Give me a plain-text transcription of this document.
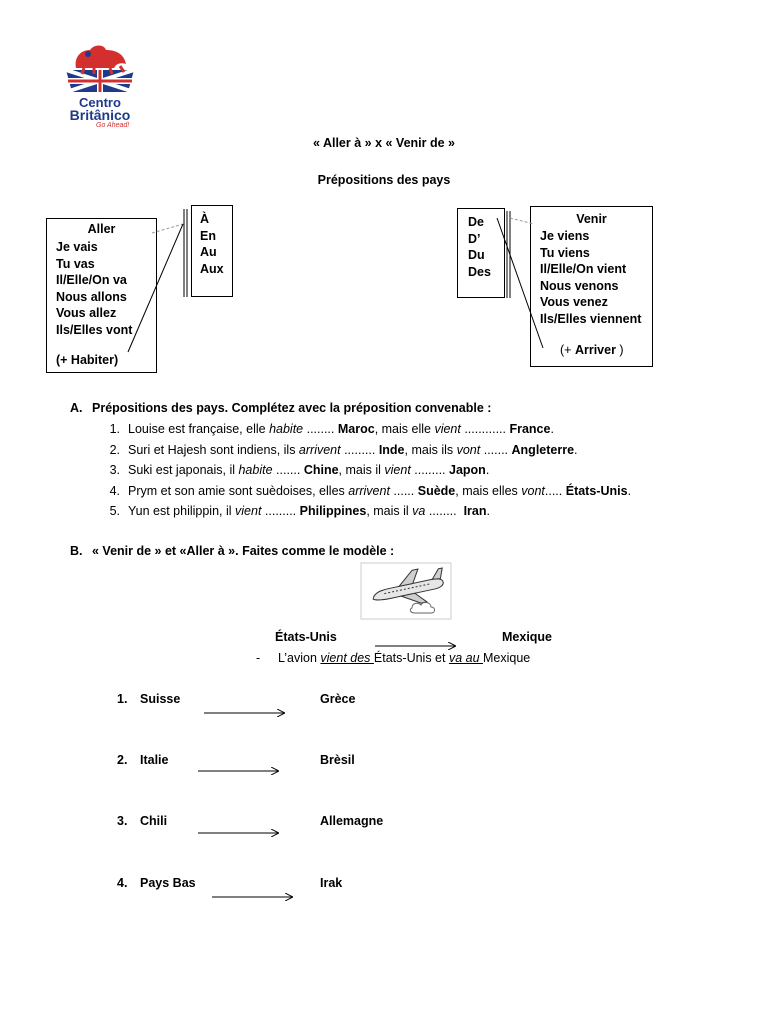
Centro
Britânico
Go Ahead!
« Aller à » x « Venir de »
Prépositions des pays
Aller
Je vais
Tu vas
Il/Elle/On va
Nous allons
Vous allez
Ils/Elles vont
(+ Habiter)
À
En
Au
Aux
De
D’
Du
Des
Venir
Je viens
Tu viens
Il/Elle/On vient
Nous venons
Vous venez
Ils/Elles viennent
(+ Arriver )
A. Prépositions des pays. Complétez avec la préposition convenable :
1. Louise est française, elle habite ........ Maroc, mais elle vient ............ France.
2. Suri et Hajesh sont indiens, ils arrivent ......... Inde, mais ils vont ....... Angleterre.
3. Suki est japonais, il habite ....... Chine, mais il vient ......... Japon.
4. Prym et son amie sont suèdoises, elles arrivent ...... Suède, mais elles vont..... États-Unis.
5. Yun est philippin, il vient ......... Philippines, mais il va ........  Iran.
B. « Venir de » et «Aller à ». Faites comme le modèle :
États-Unis	Mexique
- L’avion vient des États-Unis et va au Mexique
1. Suisse	Grèce
2. Italie	Brèsil
3. Chili	Allemagne
4. Pays Bas	Irak
